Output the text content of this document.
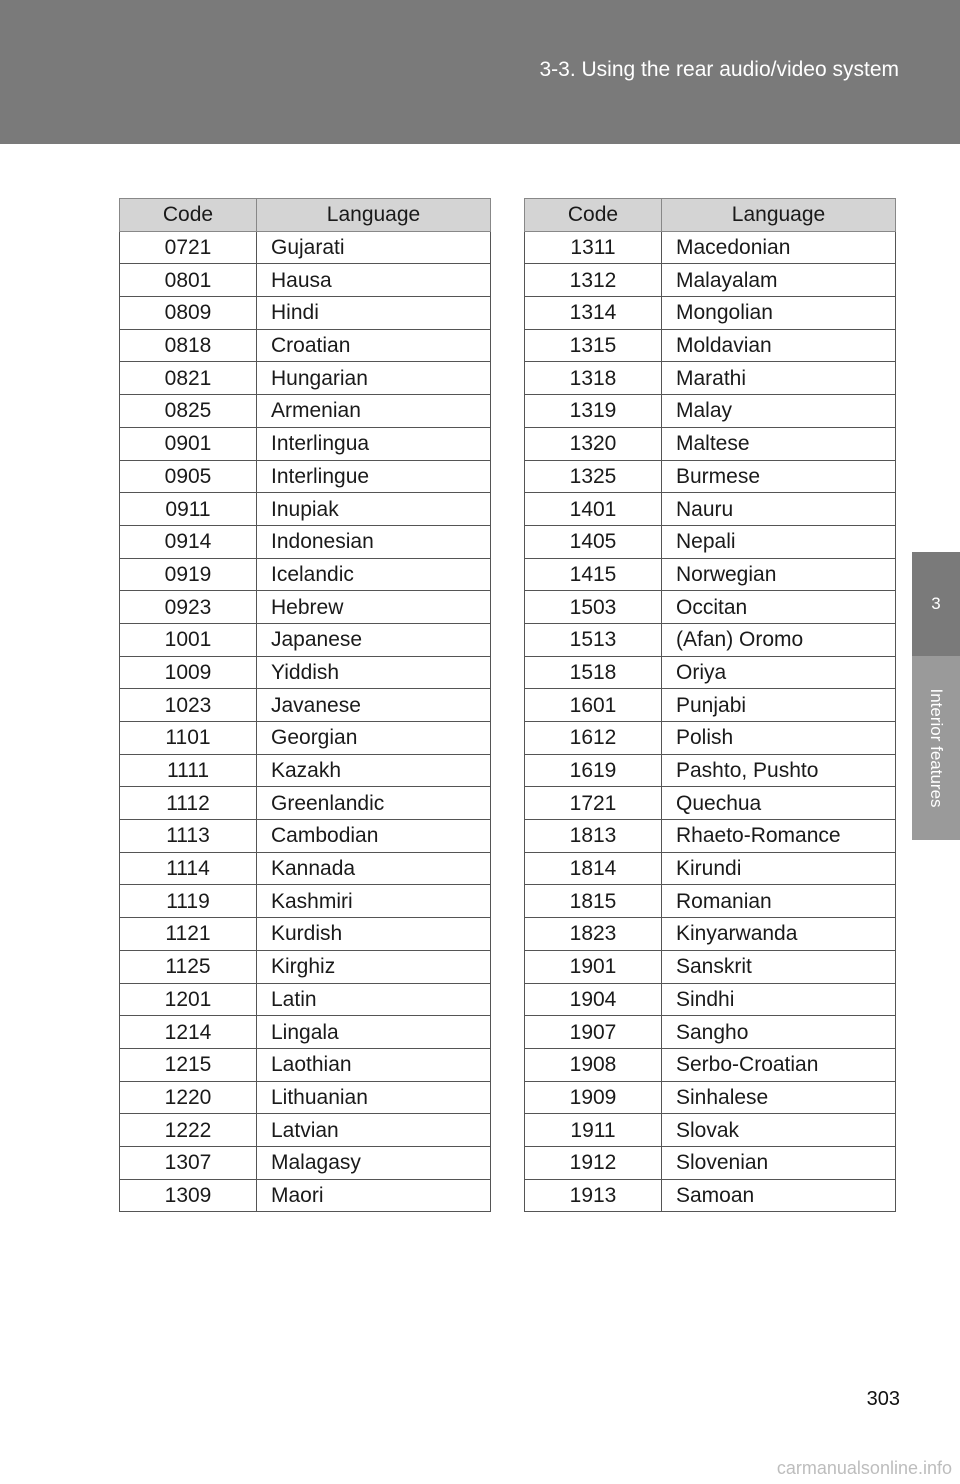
3-3. Using the rear audio/video system
3
Interior features
Code	Language
0721	Gujarati
0801	Hausa
0809	Hindi
0818	Croatian
0821	Hungarian
0825	Armenian
0901	Interlingua
0905	Interlingue
0911	Inupiak
0914	Indonesian
0919	Icelandic
0923	Hebrew
1001	Japanese
1009	Yiddish
1023	Javanese
1101	Georgian
1111	Kazakh
1112	Greenlandic
1113	Cambodian
1114	Kannada
1119	Kashmiri
1121	Kurdish
1125	Kirghiz
1201	Latin
1214	Lingala
1215	Laothian
1220	Lithuanian
1222	Latvian
1307	Malagasy
1309	Maori
Code	Language
1311	Macedonian
1312	Malayalam
1314	Mongolian
1315	Moldavian
1318	Marathi
1319	Malay
1320	Maltese
1325	Burmese
1401	Nauru
1405	Nepali
1415	Norwegian
1503	Occitan
1513	(Afan) Oromo
1518	Oriya
1601	Punjabi
1612	Polish
1619	Pashto, Pushto
1721	Quechua
1813	Rhaeto-Romance
1814	Kirundi
1815	Romanian
1823	Kinyarwanda
1901	Sanskrit
1904	Sindhi
1907	Sangho
1908	Serbo-Croatian
1909	Sinhalese
1911	Slovak
1912	Slovenian
1913	Samoan
303
carmanualsonline.info
